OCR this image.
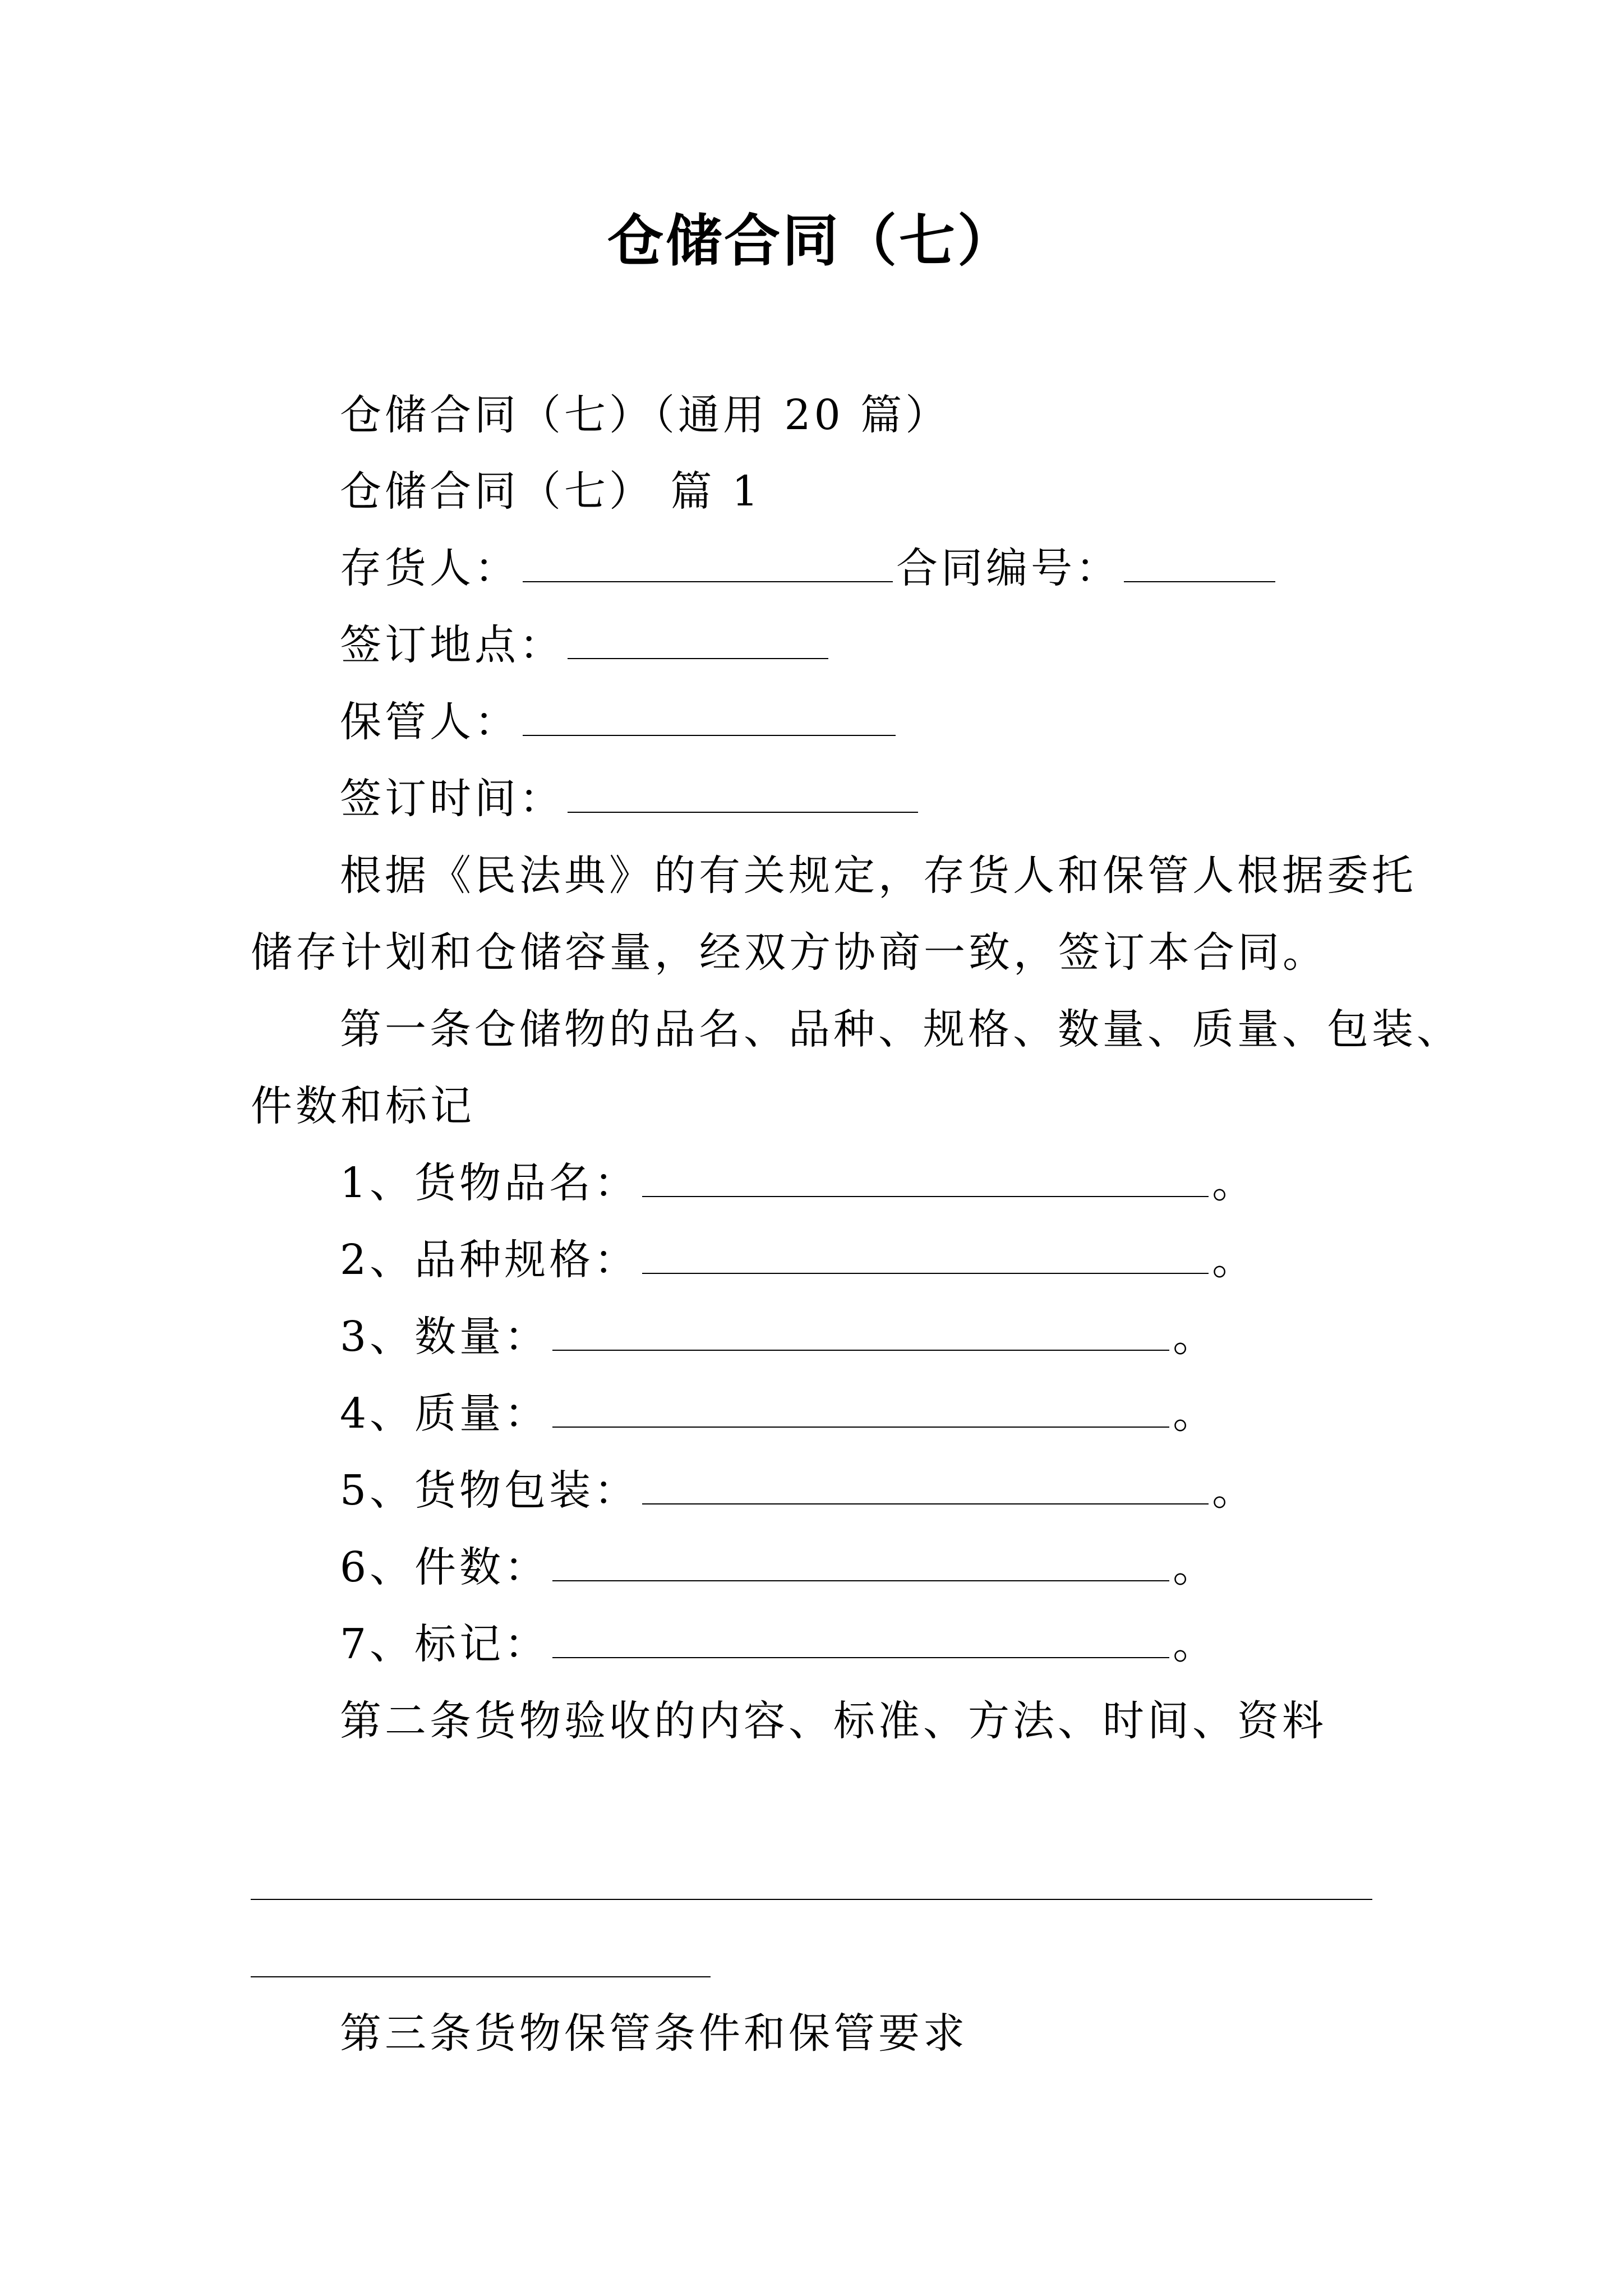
仓储合同（七）
仓储合同（七）（通用 20 篇）
仓储合同（七） 篇 1
存货人：	合同编号：
签订地点：
保管人：
签订时间：
根据《民法典》的有关规定，存货人和保管人根据委托
储存计划和仓储容量，经双方协商一致，签订本合同。
第一条仓储物的品名、品种、规格、数量、质量、包装、
件数和标记
1、货物品名：	。
2、品种规格：	。
3、数量：	。
4、质量：	。
5、货物包装：	。
6、件数：	。
7、标记：	。
第二条货物验收的内容、标准、方法、时间、资料
第三条货物保管条件和保管要求
